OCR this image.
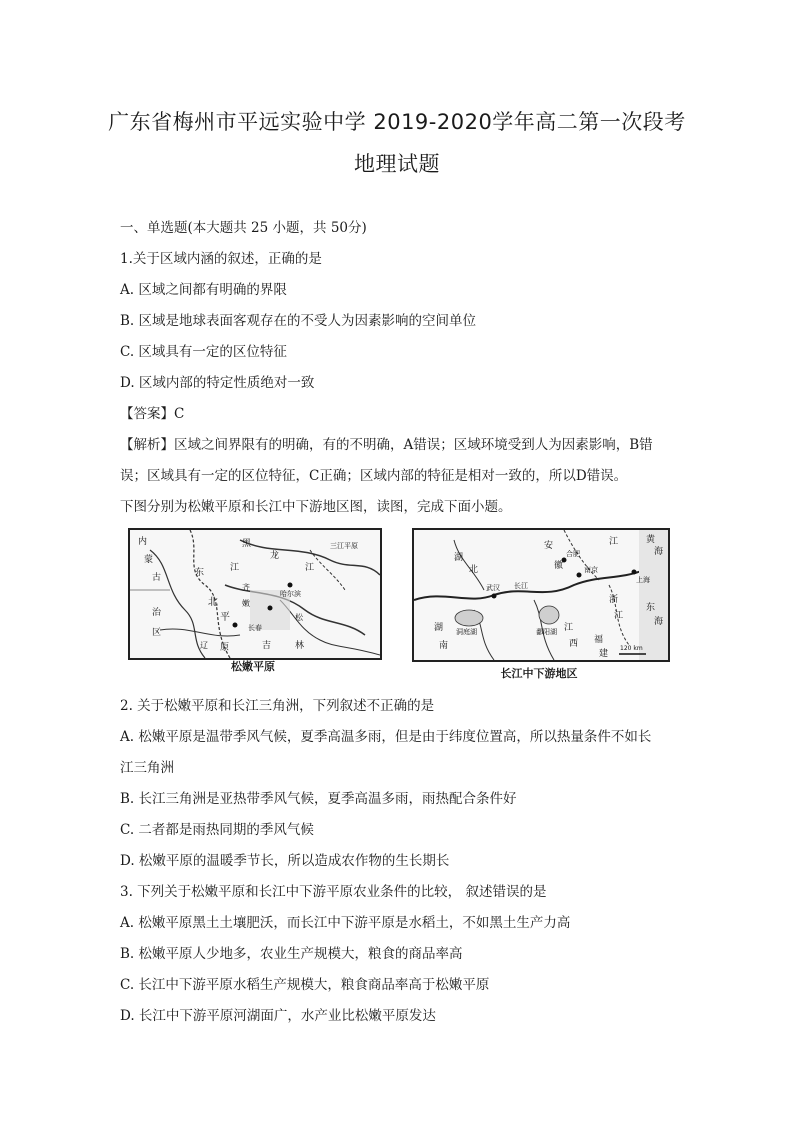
广东省梅州市平远实验中学 2019-2020学年高二第一次段考
地理试题
一、单选题(本大题共 25 小题，共 50分)
1.关于区域内涵的叙述，正确的是
A. 区域之间都有明确的界限
B. 区域是地球表面客观存在的不受人为因素影响的空间单位
C. 区域具有一定的区位特征
D. 区域内部的特定性质绝对一致
【答案】C
【解析】区域之间界限有的明确，有的不明确，A错误；区域环境受到人为因素影响，B错
误；区域具有一定的区位特征，C正确；区域内部的特征是相对一致的，所以D错误。
下图分别为松嫩平原和长江中下游地区图，读图，完成下面小题。
内	黑
龙
江
三江平原
蒙
江
古	东
北
平
长春
吉
哈尔滨
齐
治
区
原
辽	林
松
嫩
松嫩平原
黄
海
安
徽
武汉
江
南京
上海
合肥
湖
北
长江
洞庭湖	鄱阳湖
浙
江
东
海
湖
南
江
西 福
建
120 km
长江中下游地区
2. 关于松嫩平原和长江三角洲，下列叙述不正确的是
A. 松嫩平原是温带季风气候，夏季高温多雨，但是由于纬度位置高，所以热量条件不如长
江三角洲
B. 长江三角洲是亚热带季风气候，夏季高温多雨，雨热配合条件好
C. 二者都是雨热同期的季风气候
D. 松嫩平原的温暖季节长，所以造成农作物的生长期长
3. 下列关于松嫩平原和长江中下游平原农业条件的比较， 叙述错误的是
A. 松嫩平原黑土土壤肥沃，而长江中下游平原是水稻土，不如黑土生产力高
B. 松嫩平原人少地多，农业生产规模大，粮食的商品率高
C. 长江中下游平原水稻生产规模大，粮食商品率高于松嫩平原
D. 长江中下游平原河湖面广，水产业比松嫩平原发达
